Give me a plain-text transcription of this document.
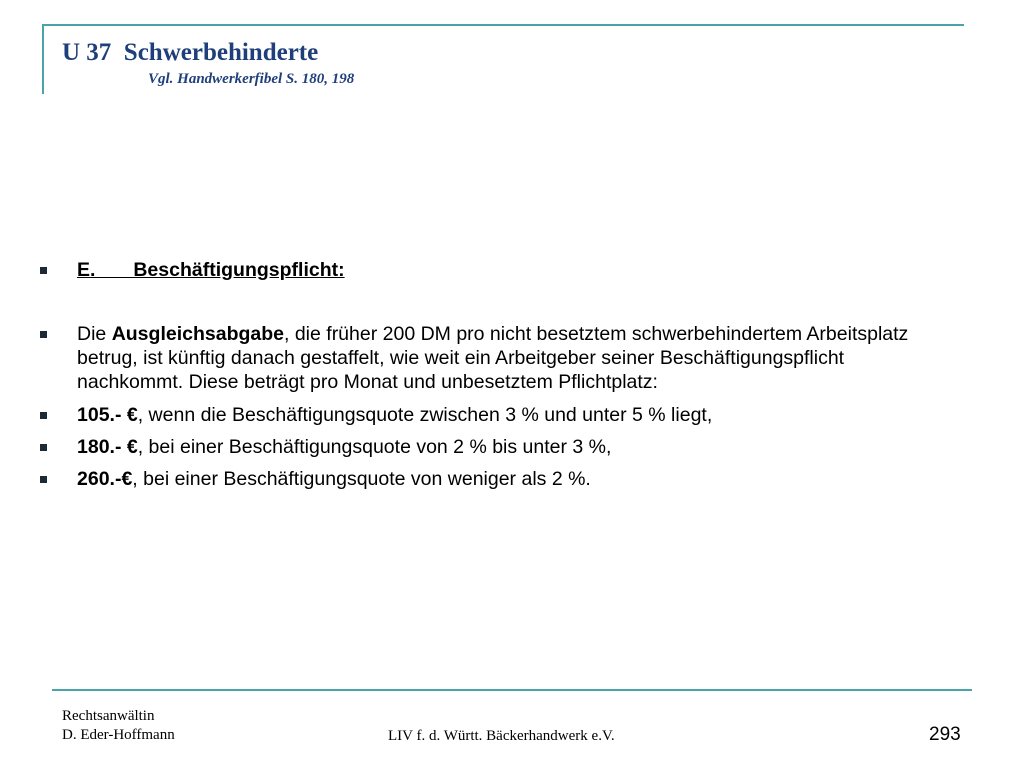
U 37  Schwerbehinderte
Vgl. Handwerkerfibel S. 180, 198
E.       Beschäftigungspflicht:
Die Ausgleichsabgabe, die früher 200 DM pro nicht besetztem schwerbehindertem Arbeitsplatz betrug, ist künftig danach gestaffelt, wie weit ein Arbeitgeber seiner Beschäftigungspflicht nachkommt. Diese beträgt pro Monat und unbesetztem Pflichtplatz:
105.- €, wenn die Beschäftigungsquote zwischen 3 % und unter 5 % liegt,
180.- €, bei einer Beschäftigungsquote von 2 % bis unter 3 %,
260.-€, bei einer Beschäftigungsquote von weniger als 2 %.
Rechtsanwältin
D. Eder-Hoffmann	LIV f. d. Württ. Bäckerhandwerk e.V.	293
